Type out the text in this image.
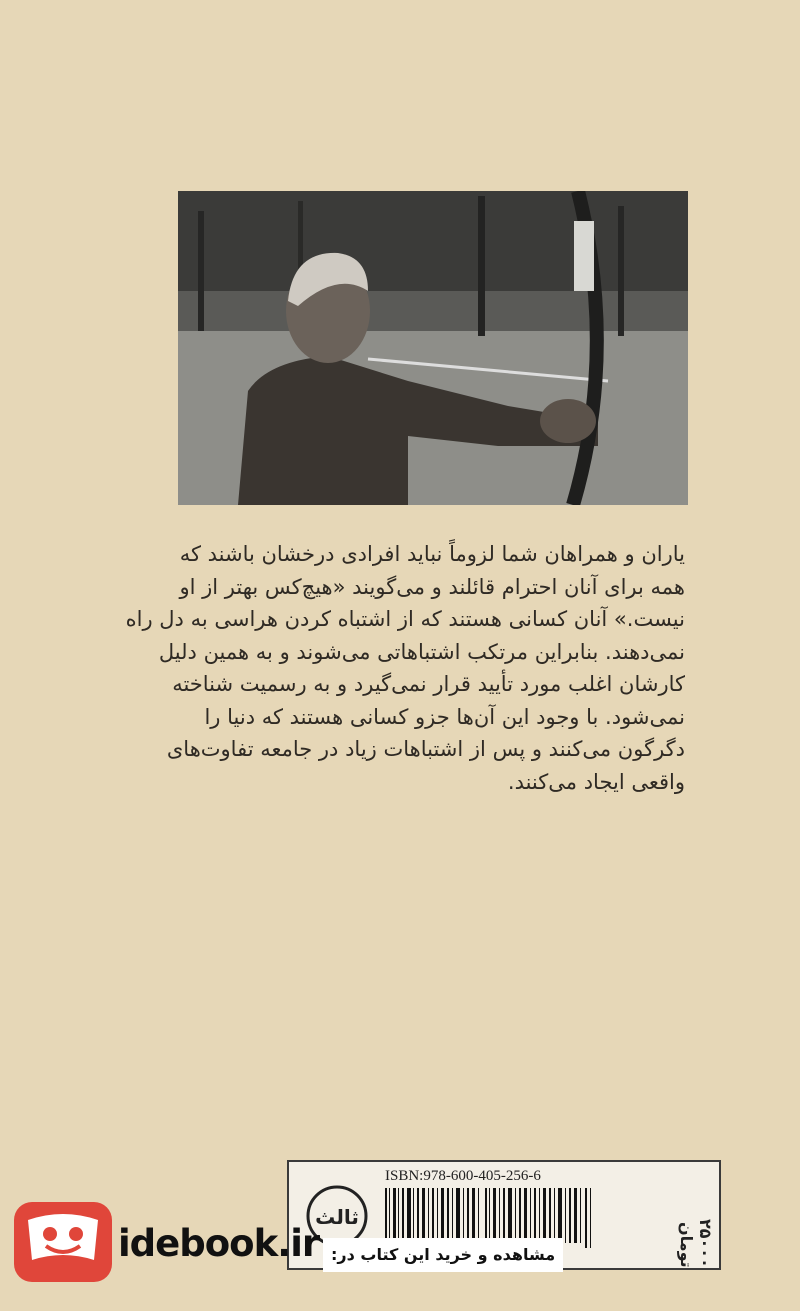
یاران و همراهان شما لزوماً نباید افرادی درخشان باشند که
همه برای آنان احترام قائلند و می‌گویند «هیچ‌کس بهتر از او
نیست.» آنان کسانی هستند که از اشتباه کردن هراسی به دل راه
نمی‌دهند. بنابراین مرتکب اشتباهاتی می‌شوند و به همین دلیل
کارشان اغلب مورد تأیید قرار نمی‌گیرد و به رسمیت شناخته
نمی‌شود. با وجود این آن‌ها جزو کسانی هستند که دنیا را
دگرگون می‌کنند و پس از اشتباهات زیاد در جامعه تفاوت‌های
واقعی ایجاد می‌کنند.
ثالث
ISBN:978-600-405-256-6
۲۵۰۰۰ تومان
idebook.ir مشاهده و خرید این کتاب در:
